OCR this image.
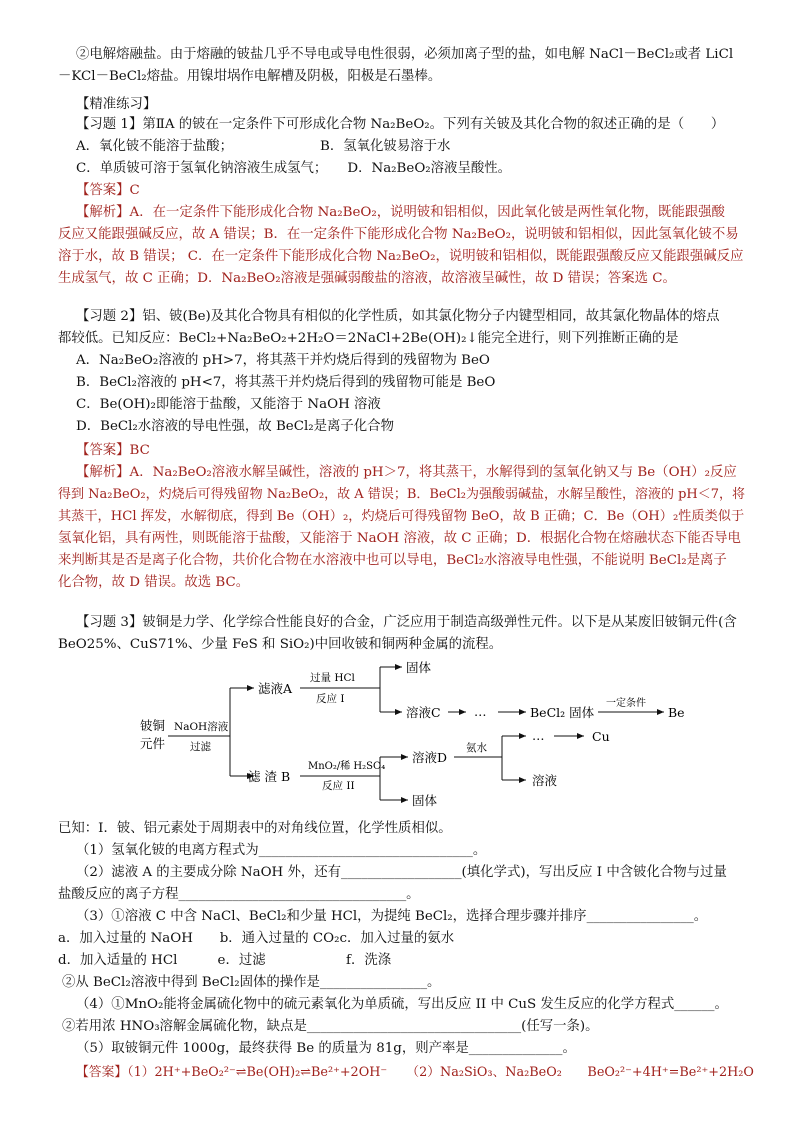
铍铜
元件
NaOH溶液
过滤
滤液A
滤 渣 B
过量 HCl
反应 I
固体
溶液C	…	BeCl₂ 固体
一定条件
Be
MnO₂/稀 H₂SO₄
反应 II
溶液D
固体
氨水
…	Cu
溶液
②电解熔融盐。由于熔融的铍盐几乎不导电或导电性很弱，必须加离子型的盐，如电解 NaCl－BeCl₂或者 LiCl
－KCl－BeCl₂熔盐。用镍坩埚作电解槽及阴极，阳极是石墨棒。
【精准练习】
【习题 1】第ⅡA 的铍在一定条件下可形成化合物 Na₂BeO₂。下列有关铍及其化合物的叙述正确的是（　　）
A．氧化铍不能溶于盐酸；　　　　　　　B．氢氧化铍易溶于水
C．单质铍可溶于氢氧化钠溶液生成氢气；　　D．Na₂BeO₂溶液呈酸性。
【答案】C
【解析】A．在一定条件下能形成化合物 Na₂BeO₂，说明铍和铝相似，因此氧化铍是两性氧化物，既能跟强酸
反应又能跟强碱反应，故 A 错误；B．在一定条件下能形成化合物 Na₂BeO₂，说明铍和铝相似，因此氢氧化铍不易
溶于水，故 B 错误； C．在一定条件下能形成化合物 Na₂BeO₂，说明铍和铝相似，既能跟强酸反应又能跟强碱反应
生成氢气，故 C 正确；D．Na₂BeO₂溶液是强碱弱酸盐的溶液，故溶液呈碱性，故 D 错误；答案选 C。
【习题 2】铝、铍(Be)及其化合物具有相似的化学性质，如其氯化物分子内键型相同，故其氯化物晶体的熔点
都较低。已知反应：BeCl₂+Na₂BeO₂+2H₂O＝2NaCl+2Be(OH)₂↓能完全进行，则下列推断正确的是
A．Na₂BeO₂溶液的 pH>7，将其蒸干并灼烧后得到的残留物为 BeO
B．BeCl₂溶液的 pH<7，将其蒸干并灼烧后得到的残留物可能是 BeO
C．Be(OH)₂即能溶于盐酸，又能溶于 NaOH 溶液
D．BeCl₂水溶液的导电性强，故 BeCl₂是离子化合物
【答案】BC
【解析】A．Na₂BeO₂溶液水解呈碱性，溶液的 pH＞7，将其蒸干，水解得到的氢氧化钠又与 Be（OH）₂反应
得到 Na₂BeO₂，灼烧后可得残留物 Na₂BeO₂，故 A 错误；B．BeCl₂为强酸弱碱盐，水解呈酸性，溶液的 pH＜7，将
其蒸干，HCl 挥发，水解彻底，得到 Be（OH）₂，灼烧后可得残留物 BeO，故 B 正确；C．Be（OH）₂性质类似于
氢氧化铝，具有两性，则既能溶于盐酸，又能溶于 NaOH 溶液，故 C 正确；D．根据化合物在熔融状态下能否导电
来判断其是否是离子化合物，共价化合物在水溶液中也可以导电，BeCl₂水溶液导电性强，不能说明 BeCl₂是离子
化合物，故 D 错误。故选 BC。
【习题 3】铍铜是力学、化学综合性能良好的合金，广泛应用于制造高级弹性元件。以下是从某废旧铍铜元件(含
BeO25%、CuS71%、少量 FeS 和 SiO₂)中回收铍和铜两种金属的流程。
已知：I．铍、铝元素处于周期表中的对角线位置，化学性质相似。
（1）氢氧化铍的电离方程式为________________________________。
（2）滤液 A 的主要成分除 NaOH 外，还有__________________(填化学式)，写出反应 I 中含铍化合物与过量
盐酸反应的离子方程__________________________________。
（3）①溶液 C 中含 NaCl、BeCl₂和少量 HCl，为提纯 BeCl₂，选择合理步骤并排序________________。
a．加入过量的 NaOH　　b．通入过量的 CO₂c．加入过量的氨水
d．加入适量的 HCl　　　e．过滤　　　　　　f．洗涤
②从 BeCl₂溶液中得到 BeCl₂固体的操作是________________。
（4）①MnO₂能将金属硫化物中的硫元素氧化为单质硫，写出反应 II 中 CuS 发生反应的化学方程式______。
②若用浓 HNO₃溶解金属硫化物，缺点是________________________________(任写一条)。
（5）取铍铜元件 1000g，最终获得 Be 的质量为 81g，则产率是______________。
【答案】（1）2H⁺+BeO₂²⁻⇌Be(OH)₂⇌Be²⁺+2OH⁻　　（2）Na₂SiO₃、Na₂BeO₂　　BeO₂²⁻+4H⁺=Be²⁺+2H₂O
